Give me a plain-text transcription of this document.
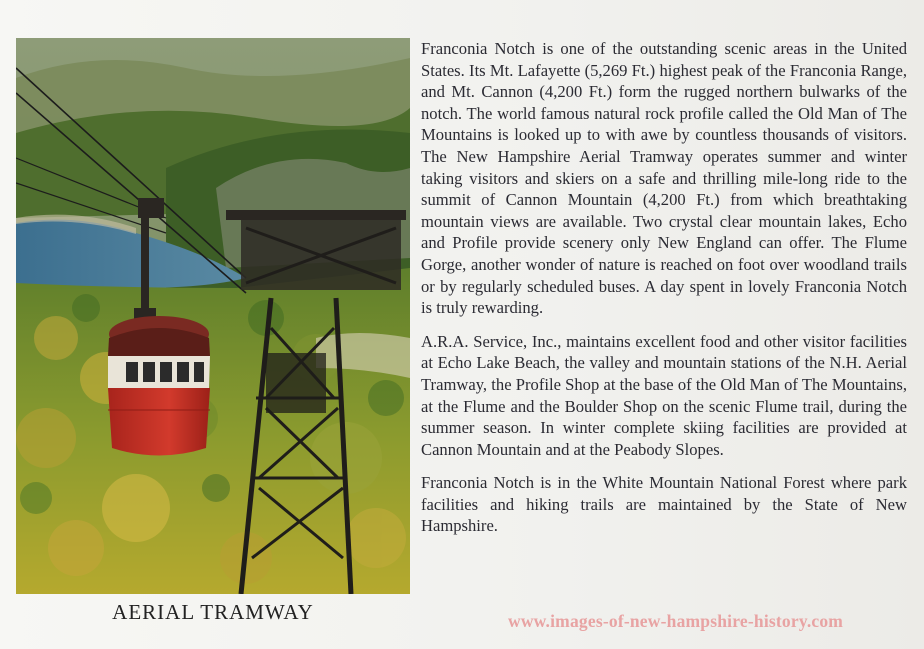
AERIAL TRAMWAY

Franconia Notch is one of the outstanding scenic areas in the United States. Its Mt. Lafayette (5,269 Ft.) highest peak of the Franconia Range, and Mt. Cannon (4,200 Ft.) form the rugged northern bulwarks of the notch. The world famous natural rock profile called the Old Man of The Mountains is looked up to with awe by countless thousands of visitors. The New Hampshire Aerial Tramway operates summer and winter taking visitors and skiers on a safe and thrilling mile-long ride to the summit of Cannon Mountain (4,200 Ft.) from which breathtaking mountain views are available. Two crystal clear mountain lakes, Echo and Profile provide scenery only New England can offer. The Flume Gorge, another wonder of nature is reached on foot over woodland trails or by regularly scheduled buses. A day spent in lovely Franconia Notch is truly rewarding.

A.R.A. Service, Inc., maintains excellent food and other visitor facilities at Echo Lake Beach, the valley and mountain stations of the N.H. Aerial Tramway, the Profile Shop at the base of the Old Man of The Mountains, at the Flume and the Boulder Shop on the scenic Flume trail, during the summer season. In winter complete skiing facilities are provided at Cannon Mountain and at the Peabody Slopes.

Franconia Notch is in the White Mountain National Forest where park facilities and hiking trails are maintained by the State of New Hampshire.

www.images-of-new-hampshire-history.com
